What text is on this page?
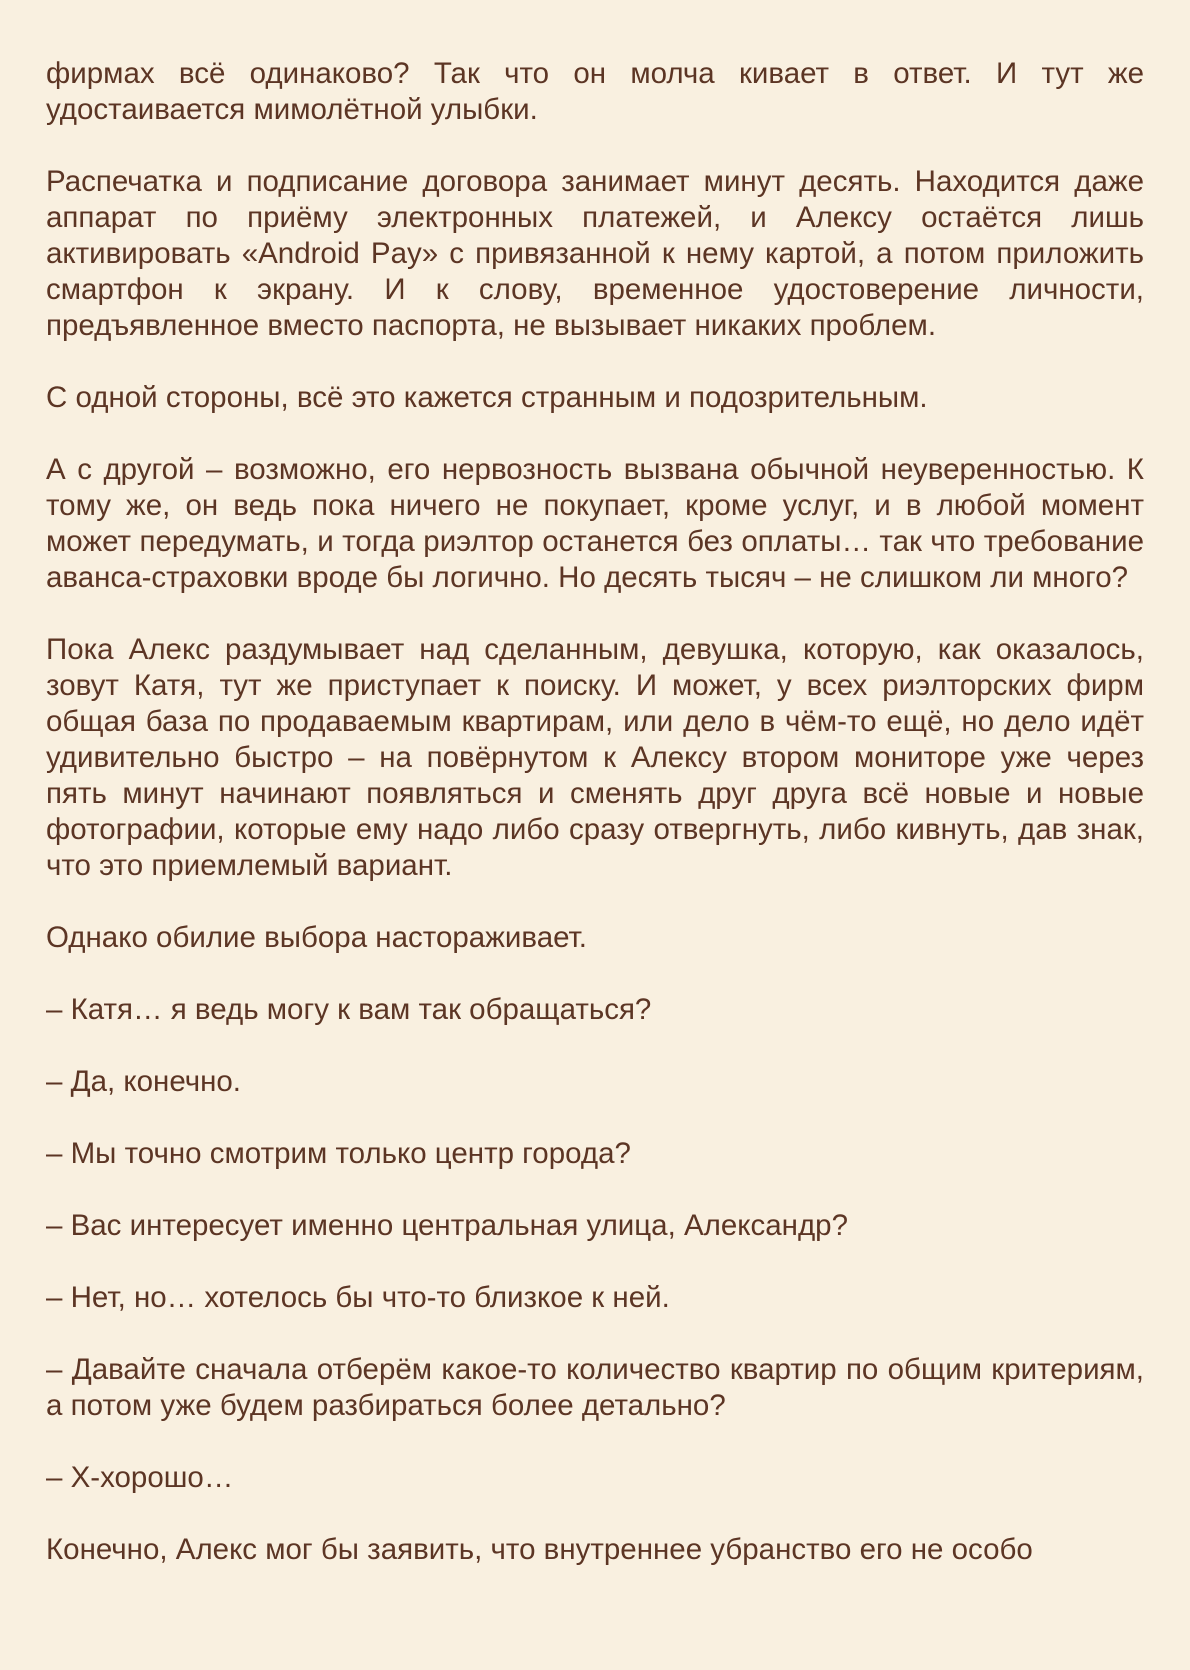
фирмах всё одинаково? Так что он молча кивает в ответ. И тут же удостаивается мимолётной улыбки.

Распечатка и подписание договора занимает минут десять. Находится даже аппарат по приёму электронных платежей, и Алексу остаётся лишь активировать «Android Pay» с привязанной к нему картой, а потом приложить смартфон к экрану. И к слову, временное удостоверение личности, предъявленное вместо паспорта, не вызывает никаких проблем.

С одной стороны, всё это кажется странным и подозрительным.

А с другой – возможно, его нервозность вызвана обычной неуверенностью. К тому же, он ведь пока ничего не покупает, кроме услуг, и в любой момент может передумать, и тогда риэлтор останется без оплаты… так что требование аванса-страховки вроде бы логично. Но десять тысяч – не слишком ли много?

Пока Алекс раздумывает над сделанным, девушка, которую, как оказалось, зовут Катя, тут же приступает к поиску. И может, у всех риэлторских фирм общая база по продаваемым квартирам, или дело в чём-то ещё, но дело идёт удивительно быстро – на повёрнутом к Алексу втором мониторе уже через пять минут начинают появляться и сменять друг друга всё новые и новые фотографии, которые ему надо либо сразу отвергнуть, либо кивнуть, дав знак, что это приемлемый вариант.

Однако обилие выбора настораживает.

– Катя… я ведь могу к вам так обращаться?

– Да, конечно.

– Мы точно смотрим только центр города?

– Вас интересует именно центральная улица, Александр?

– Нет, но… хотелось бы что-то близкое к ней.

– Давайте сначала отберём какое-то количество квартир по общим критериям, а потом уже будем разбираться более детально?

– Х-хорошо…

Конечно, Алекс мог бы заявить, что внутреннее убранство его не особо
